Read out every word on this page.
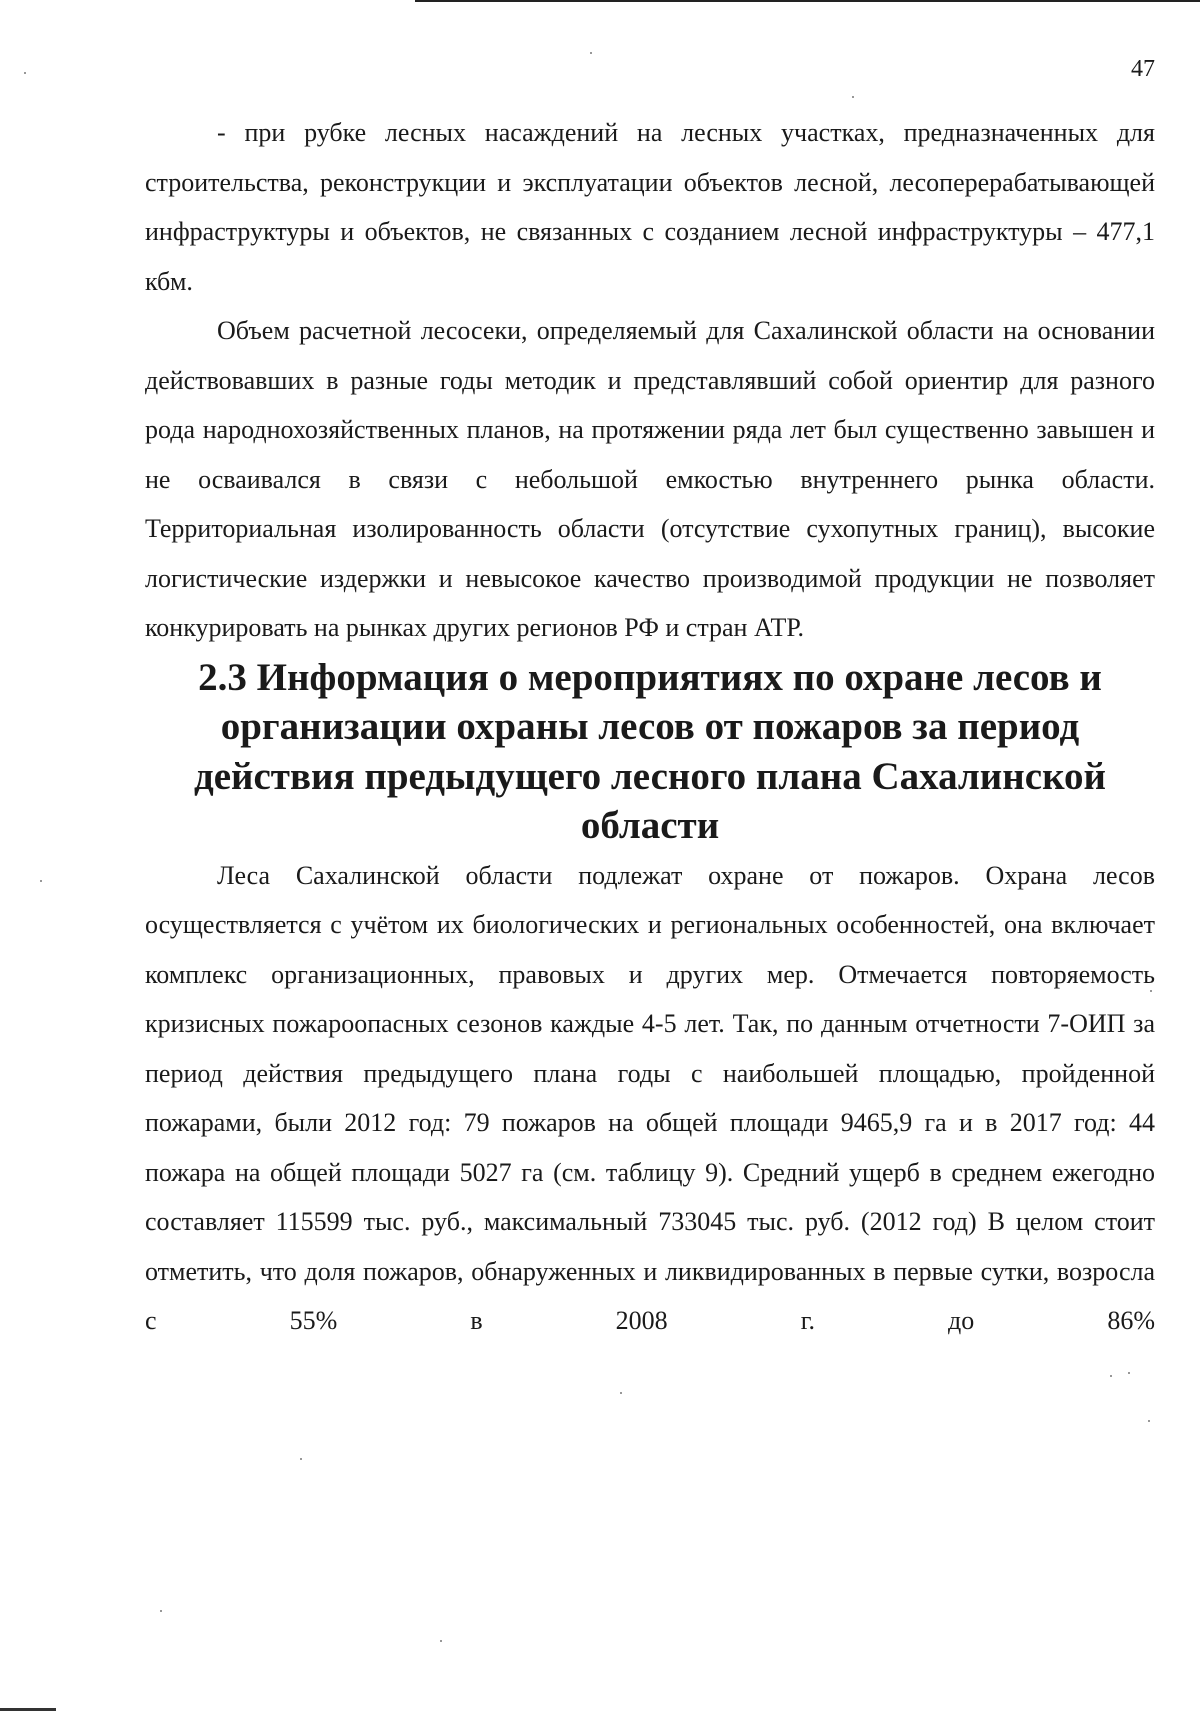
47

- при рубке лесных насаждений на лесных участках, предназначенных для строительства, реконструкции и эксплуатации объектов лесной, лесоперерабатывающей инфраструктуры и объектов, не связанных с созданием лесной инфраструктуры – 477,1 кбм.

Объем расчетной лесосеки, определяемый для Сахалинской области на основании действовавших в разные годы методик и представлявший собой ориентир для разного рода народнохозяйственных планов, на протяжении ряда лет был существенно завышен и не осваивался в связи с небольшой емкостью внутреннего рынка области. Территориальная изолированность области (отсутствие сухопутных границ), высокие логистические издержки и невысокое качество производимой продукции не позволяет конкурировать на рынках других регионов РФ и стран АТР.

2.3 Информация о мероприятиях по охране лесов и организации охраны лесов от пожаров за период действия предыдущего лесного плана Сахалинской области

Леса Сахалинской области подлежат охране от пожаров. Охрана лесов осуществляется с учётом их биологических и региональных особенностей, она включает комплекс организационных, правовых и других мер. Отмечается повторяемость кризисных пожароопасных сезонов каждые 4-5 лет. Так, по данным отчетности 7-ОИП за период действия предыдущего плана годы с наибольшей площадью, пройденной пожарами, были 2012 год: 79 пожаров на общей площади 9465,9 га и в 2017 год: 44 пожара на общей площади 5027 га (см. таблицу 9). Средний ущерб в среднем ежегодно составляет 115599 тыс. руб., максимальный 733045 тыс. руб. (2012 год) В целом стоит отметить, что доля пожаров, обнаруженных и ликвидированных в первые сутки, возросла с 55% в 2008 г. до 86%
